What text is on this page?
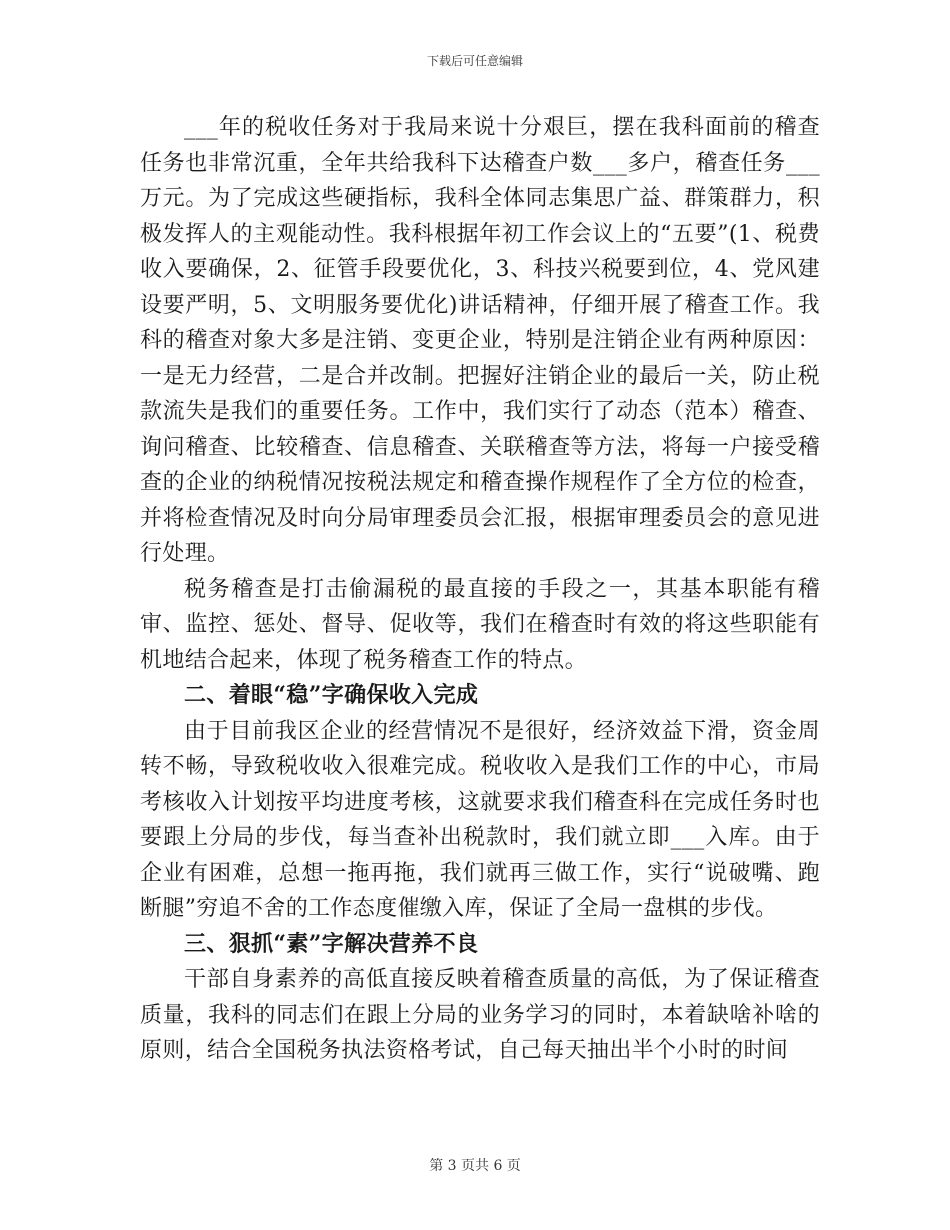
下载后可任意编辑

___年的税收任务对于我局来说十分艰巨，摆在我科面前的稽查任务也非常沉重，全年共给我科下达稽查户数___多户，稽查任务___万元。为了完成这些硬指标，我科全体同志集思广益、群策群力，积极发挥人的主观能动性。我科根据年初工作会议上的“五要”(1、税费收入要确保，2、征管手段要优化，3、科技兴税要到位，4、党风建设要严明，5、文明服务要优化)讲话精神，仔细开展了稽查工作。我科的稽查对象大多是注销、变更企业，特别是注销企业有两种原因：一是无力经营，二是合并改制。把握好注销企业的最后一关，防止税款流失是我们的重要任务。工作中，我们实行了动态（范本）稽查、询问稽查、比较稽查、信息稽查、关联稽查等方法，将每一户接受稽查的企业的纳税情况按税法规定和稽查操作规程作了全方位的检查，并将检查情况及时向分局审理委员会汇报，根据审理委员会的意见进行处理。

税务稽查是打击偷漏税的最直接的手段之一，其基本职能有稽审、监控、惩处、督导、促收等，我们在稽查时有效的将这些职能有机地结合起来，体现了税务稽查工作的特点。

二、着眼“稳”字确保收入完成

由于目前我区企业的经营情况不是很好，经济效益下滑，资金周转不畅，导致税收收入很难完成。税收收入是我们工作的中心，市局考核收入计划按平均进度考核，这就要求我们稽查科在完成任务时也要跟上分局的步伐，每当查补出税款时，我们就立即___入库。由于企业有困难，总想一拖再拖，我们就再三做工作，实行“说破嘴、跑断腿”穷追不舍的工作态度催缴入库，保证了全局一盘棋的步伐。

三、狠抓“素”字解决营养不良

干部自身素养的高低直接反映着稽查质量的高低，为了保证稽查质量，我科的同志们在跟上分局的业务学习的同时，本着缺啥补啥的原则，结合全国税务执法资格考试，自己每天抽出半个小时的时间

第 3 页共 6 页
